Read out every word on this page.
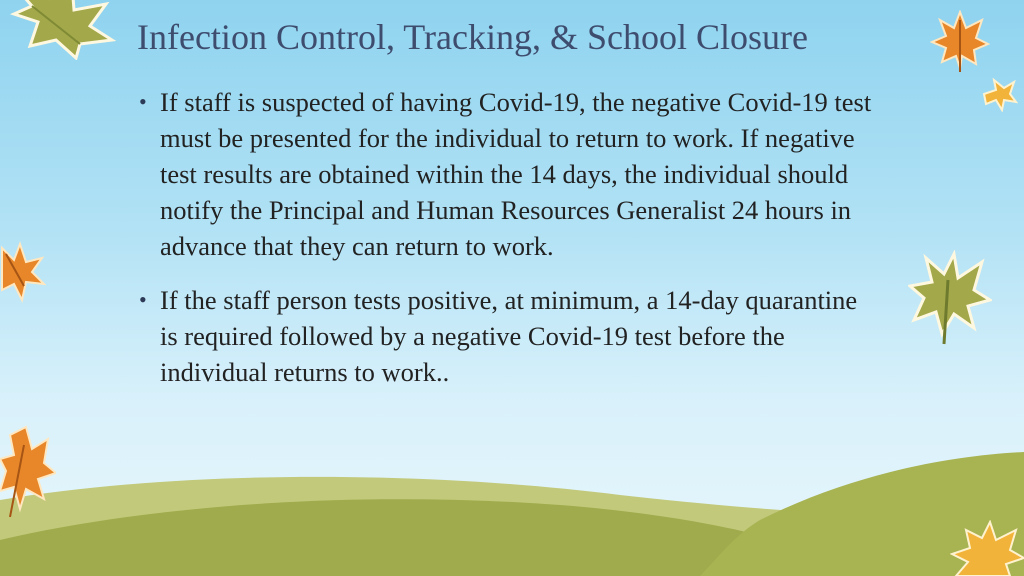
Infection Control, Tracking, & School Closure
• If staff is suspected of having Covid-19, the negative Covid-19 test must be presented for the individual to return to work. If negative test results are obtained within the 14 days, the individual should notify the Principal and Human Resources Generalist 24 hours in advance that they can return to work.
• If the staff person tests positive, at minimum, a 14-day quarantine is required followed by a negative Covid-19 test before the individual returns to work..
